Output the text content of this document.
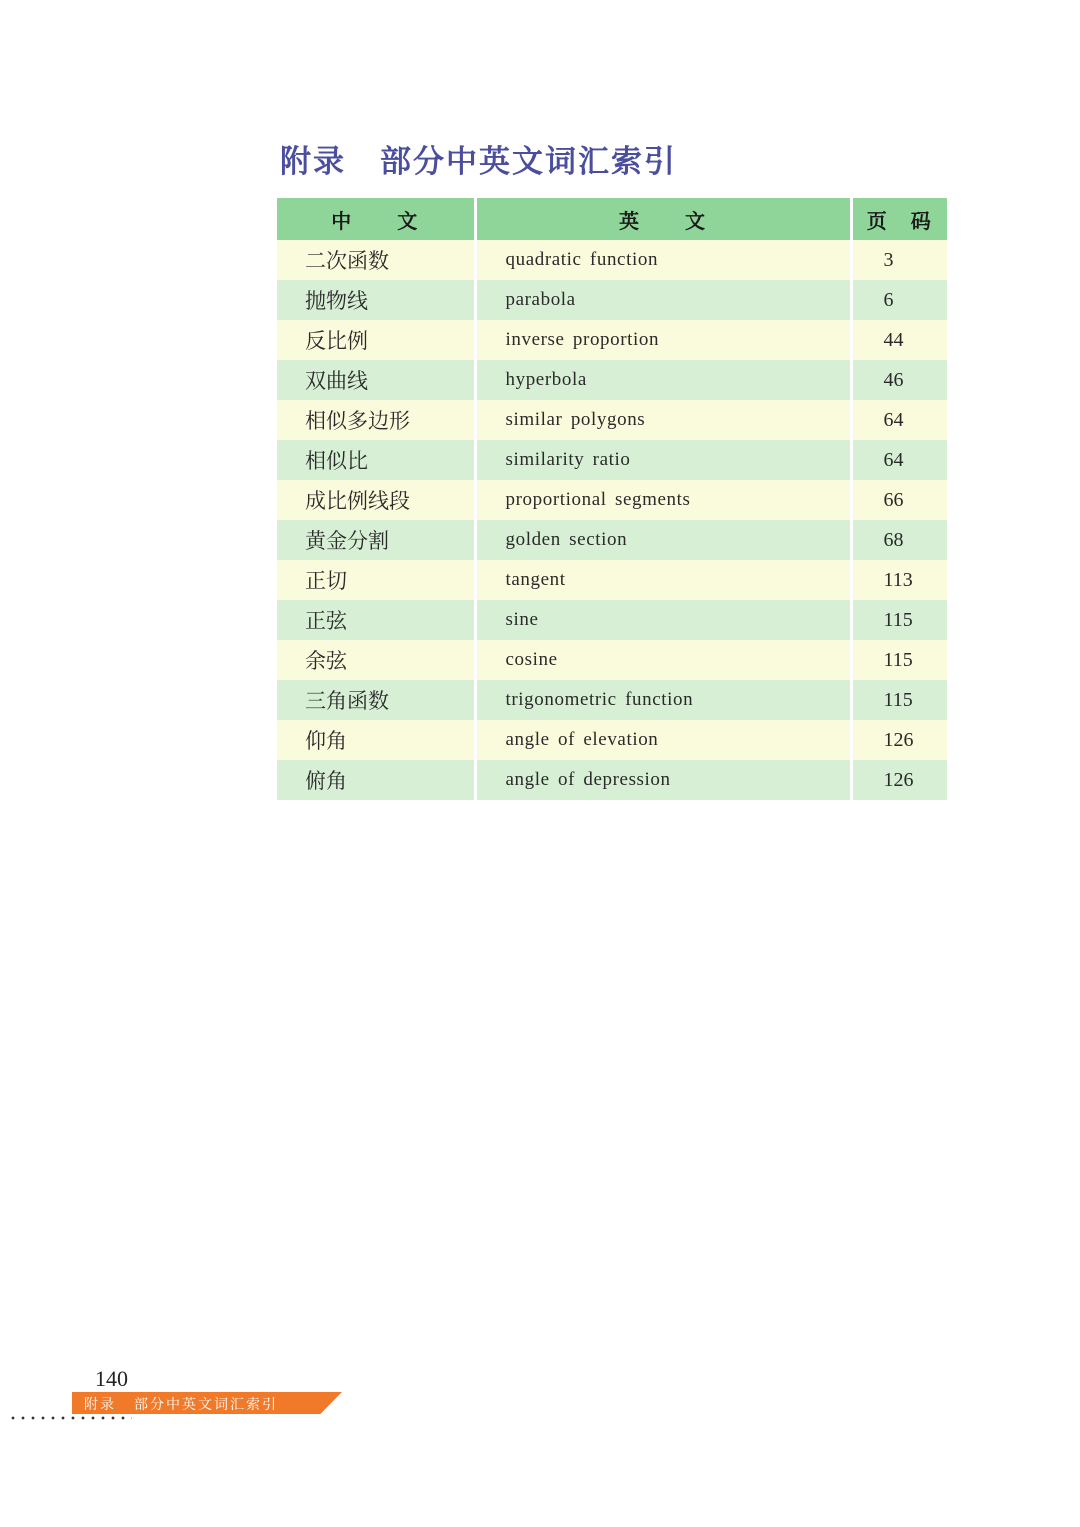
附录 部分中英文词汇索引
中 文	英 文	页 码
二次函数	quadratic function	3
抛物线	parabola	6
反比例	inverse proportion	44
双曲线	hyperbola	46
相似多边形	similar polygons	64
相似比	similarity ratio	64
成比例线段	proportional segments	66
黄金分割	golden section	68
正切	tangent	113
正弦	sine	115
余弦	cosine	115
三角函数	trigonometric function	115
仰角	angle of elevation	126
俯角	angle of depression	126
140
附录 部分中英文词汇索引
